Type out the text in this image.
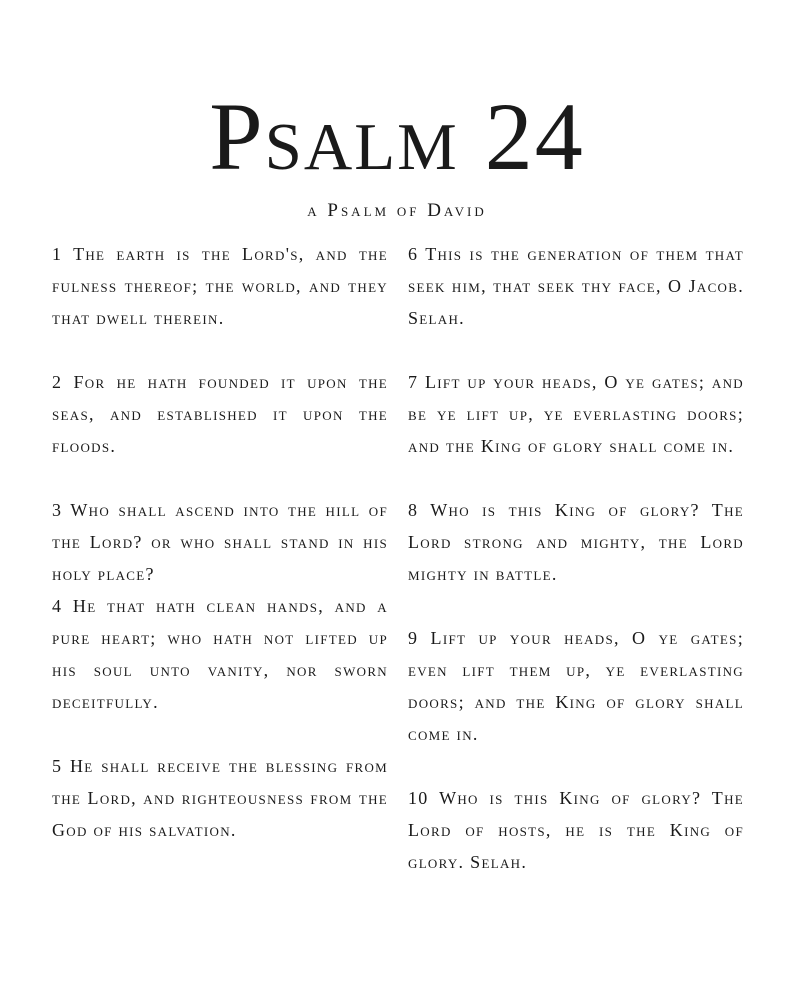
Psalm 24
a Psalm of David

1 The earth is the Lord's, and the fulness thereof; the world, and they that dwell therein.

2 For he hath founded it upon the seas, and established it upon the floods.

3 Who shall ascend into the hill of the Lord? or who shall stand in his holy place?

4 He that hath clean hands, and a pure heart; who hath not lifted up his soul unto vanity, nor sworn deceitfully.

5 He shall receive the blessing from the Lord, and righteousness from the God of his salvation.

6 This is the generation of them that seek him, that seek thy face, O Jacob. Selah.

7 Lift up your heads, O ye gates; and be ye lift up, ye everlasting doors; and the King of glory shall come in.

8 Who is this King of glory? The Lord strong and mighty, the Lord mighty in battle.

9 Lift up your heads, O ye gates; even lift them up, ye everlasting doors; and the King of glory shall come in.

10 Who is this King of glory? The Lord of hosts, he is the King of glory. Selah.
